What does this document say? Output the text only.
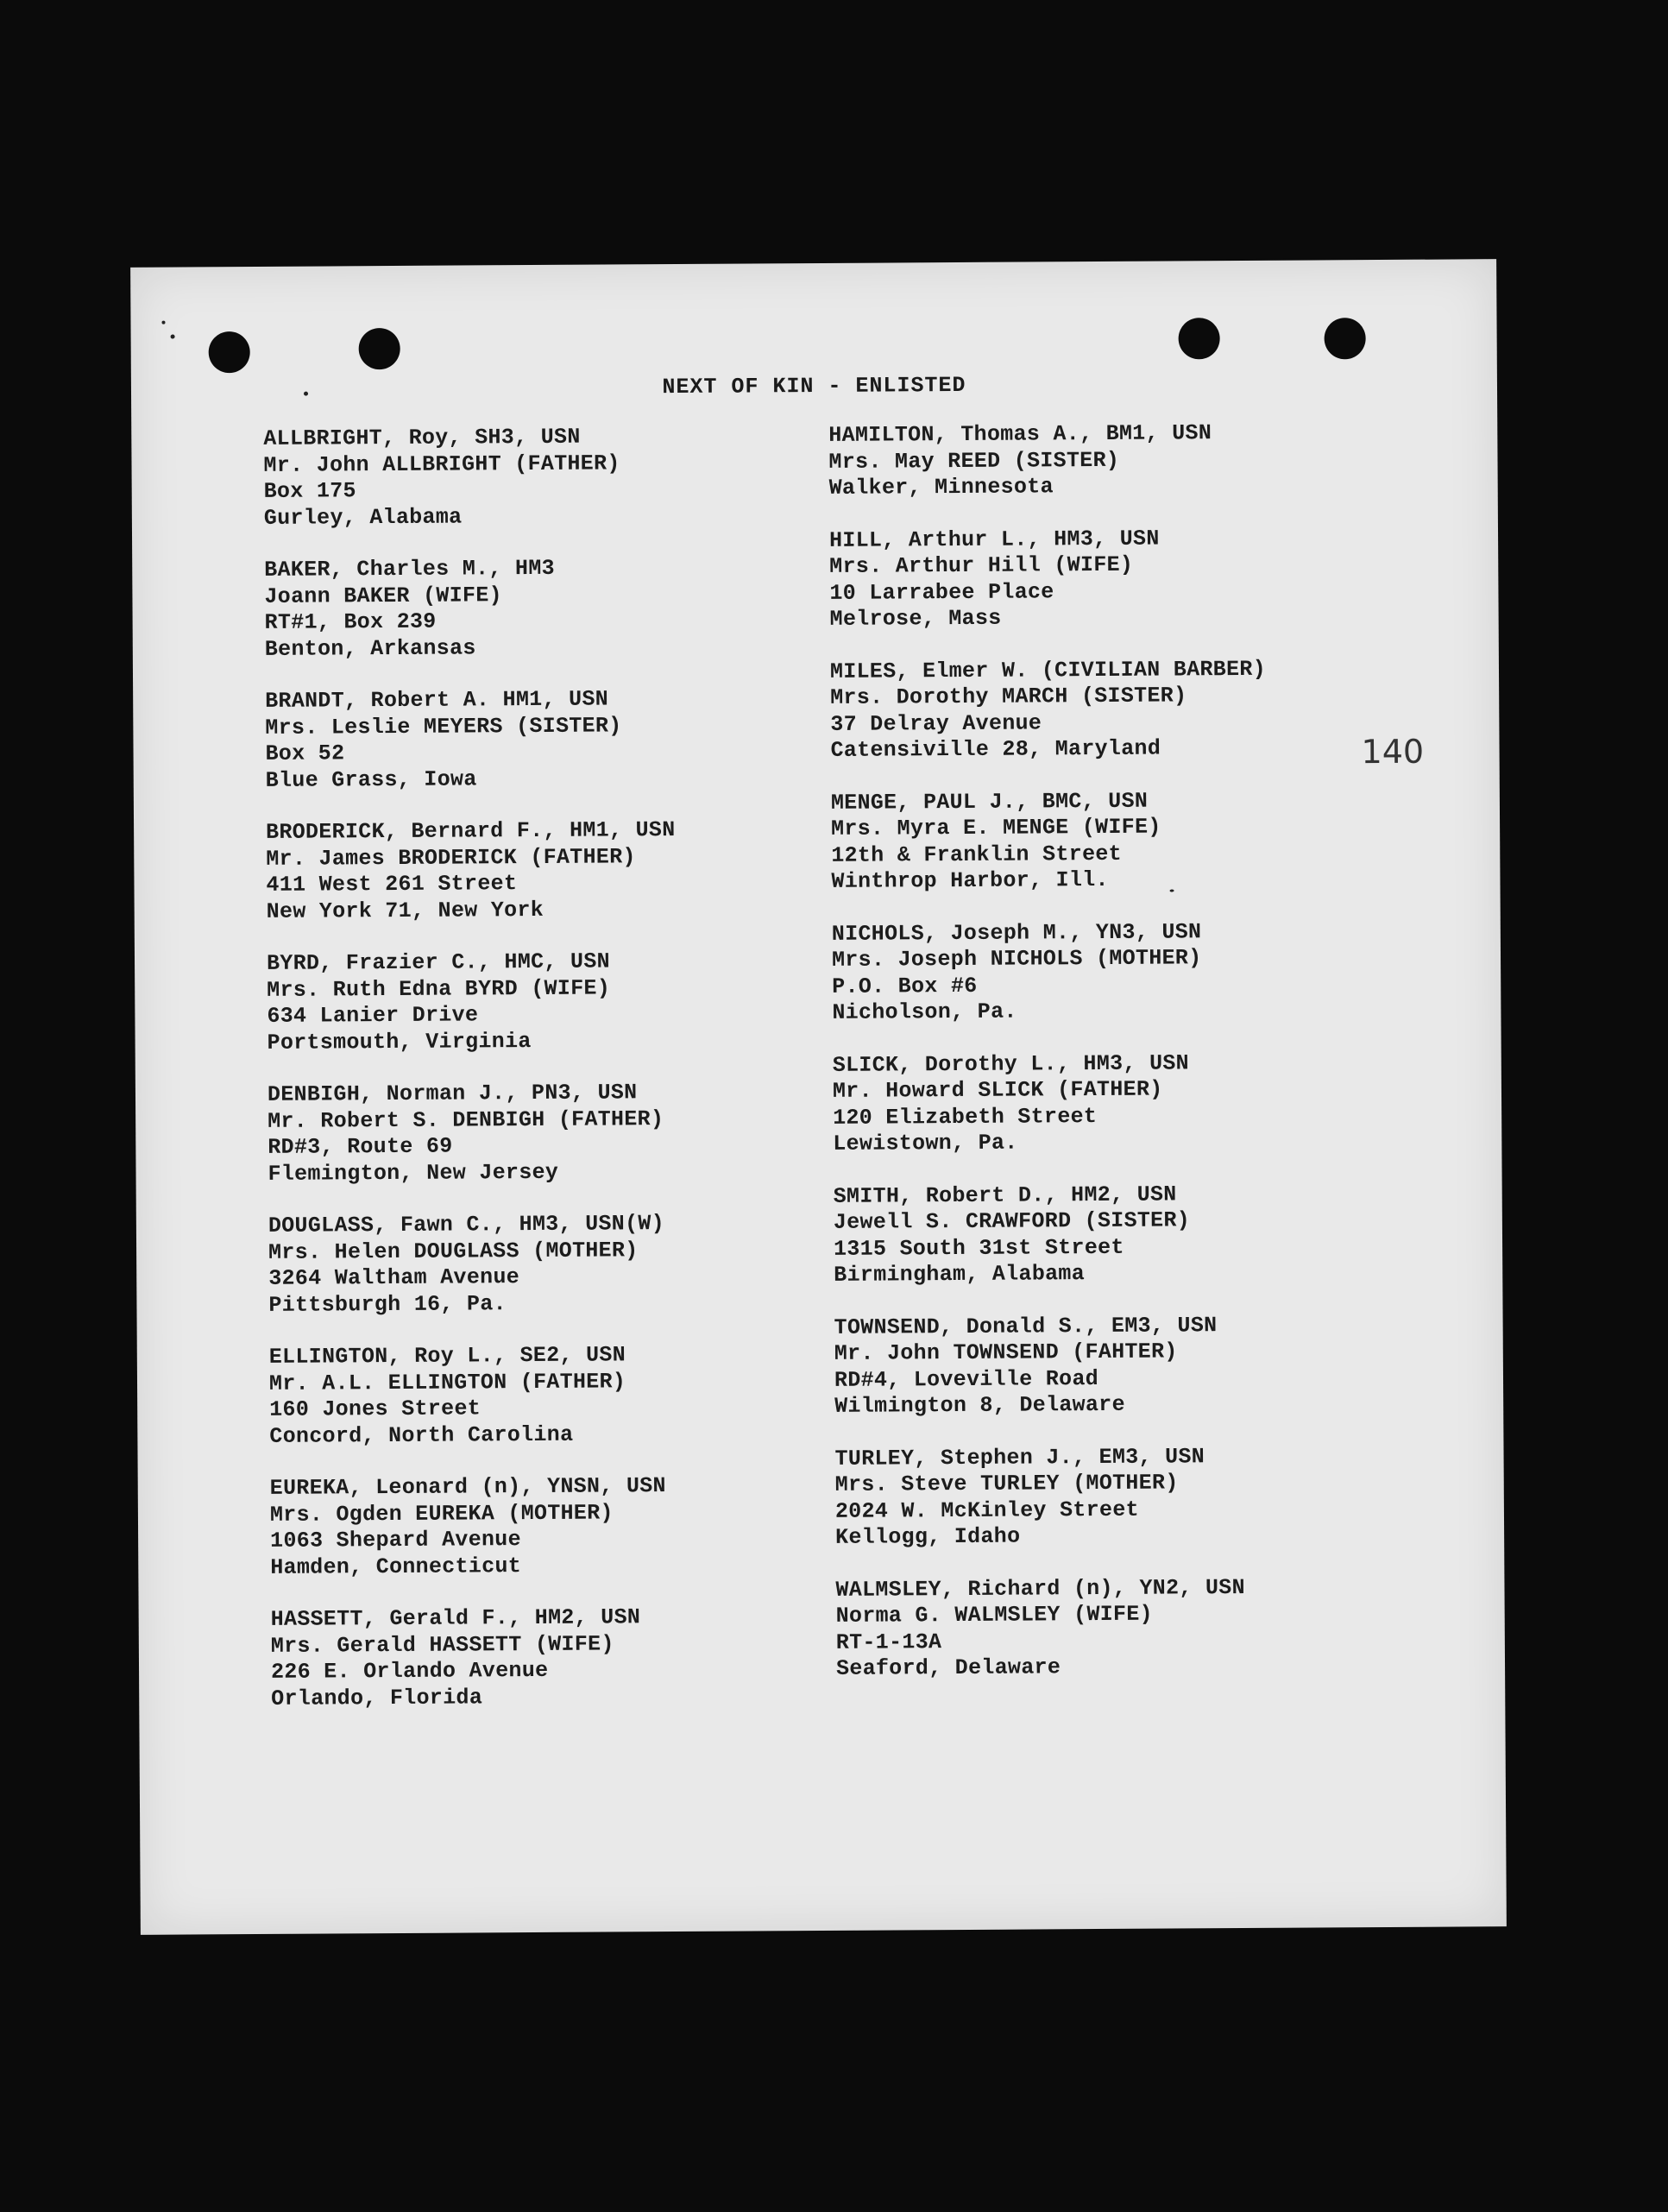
NEXT OF KIN - ENLISTED
ALLBRIGHT, Roy, SH3, USN
Mr. John ALLBRIGHT (FATHER)
Box 175
Gurley, Alabama
BAKER, Charles M., HM3
Joann BAKER (WIFE)
RT#1, Box 239
Benton, Arkansas
BRANDT, Robert A. HM1, USN
Mrs. Leslie MEYERS (SISTER)
Box 52
Blue Grass, Iowa
BRODERICK, Bernard F., HM1, USN
Mr. James BRODERICK (FATHER)
411 West 261 Street
New York 71, New York
BYRD, Frazier C., HMC, USN
Mrs. Ruth Edna BYRD (WIFE)
634 Lanier Drive
Portsmouth, Virginia
DENBIGH, Norman J., PN3, USN
Mr. Robert S. DENBIGH (FATHER)
RD#3, Route 69
Flemington, New Jersey
DOUGLASS, Fawn C., HM3, USN(W)
Mrs. Helen DOUGLASS (MOTHER)
3264 Waltham Avenue
Pittsburgh 16, Pa.
ELLINGTON, Roy L., SE2, USN
Mr. A.L. ELLINGTON (FATHER)
160 Jones Street
Concord, North Carolina
EUREKA, Leonard (n), YNSN, USN
Mrs. Ogden EUREKA (MOTHER)
1063 Shepard Avenue
Hamden, Connecticut
HASSETT, Gerald F., HM2, USN
Mrs. Gerald HASSETT (WIFE)
226 E. Orlando Avenue
Orlando, Florida
HAMILTON, Thomas A., BM1, USN
Mrs. May REED (SISTER)
Walker, Minnesota
HILL, Arthur L., HM3, USN
Mrs. Arthur Hill (WIFE)
10 Larrabee Place
Melrose, Mass
MILES, Elmer W. (CIVILIAN BARBER)
Mrs. Dorothy MARCH (SISTER)
37 Delray Avenue
Catensiville 28, Maryland
MENGE, PAUL J., BMC, USN
Mrs. Myra E. MENGE (WIFE)
12th & Franklin Street
Winthrop Harbor, Ill.
NICHOLS, Joseph M., YN3, USN
Mrs. Joseph NICHOLS (MOTHER)
P.O. Box #6
Nicholson, Pa.
SLICK, Dorothy L., HM3, USN
Mr. Howard SLICK (FATHER)
120 Elizabeth Street
Lewistown, Pa.
SMITH, Robert D., HM2, USN
Jewell S. CRAWFORD (SISTER)
1315 South 31st Street
Birmingham, Alabama
TOWNSEND, Donald S., EM3, USN
Mr. John TOWNSEND (FAHTER)
RD#4, Loveville Road
Wilmington 8, Delaware
TURLEY, Stephen J., EM3, USN
Mrs. Steve TURLEY (MOTHER)
2024 W. McKinley Street
Kellogg, Idaho
WALMSLEY, Richard (n), YN2, USN
Norma G. WALMSLEY (WIFE)
RT-1-13A
Seaford, Delaware
140
